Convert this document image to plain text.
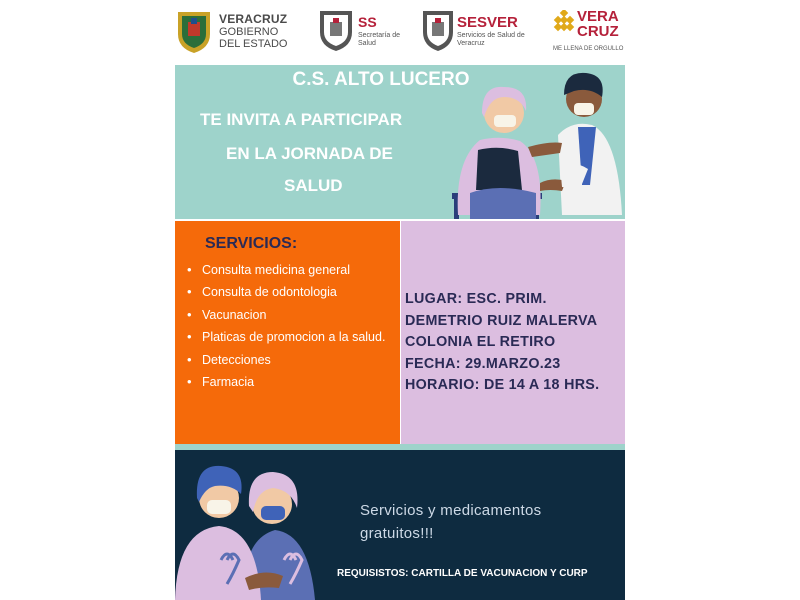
VERACRUZ
GOBIERNO
DEL ESTADO
SS
Secretaría de Salud
SESVER
Servicios de Salud de Veracruz
VERA
CRUZ
ME LLENA DE ORGULLO
C.S. ALTO LUCERO
TE INVITA A PARTICIPAR
EN LA JORNADA DE
SALUD
SERVICIOS:
• Consulta medicina general
• Consulta de odontologia
• Vacunacion
• Platicas de promocion a la salud.
• Detecciones
• Farmacia
LUGAR: ESC. PRIM.
DEMETRIO RUIZ MALERVA
COLONIA EL RETIRO
FECHA: 29.MARZO.23
HORARIO: DE 14 A 18 HRS.
Servicios y medicamentos
gratuitos!!!
REQUISISTOS: CARTILLA DE VACUNACION Y CURP
